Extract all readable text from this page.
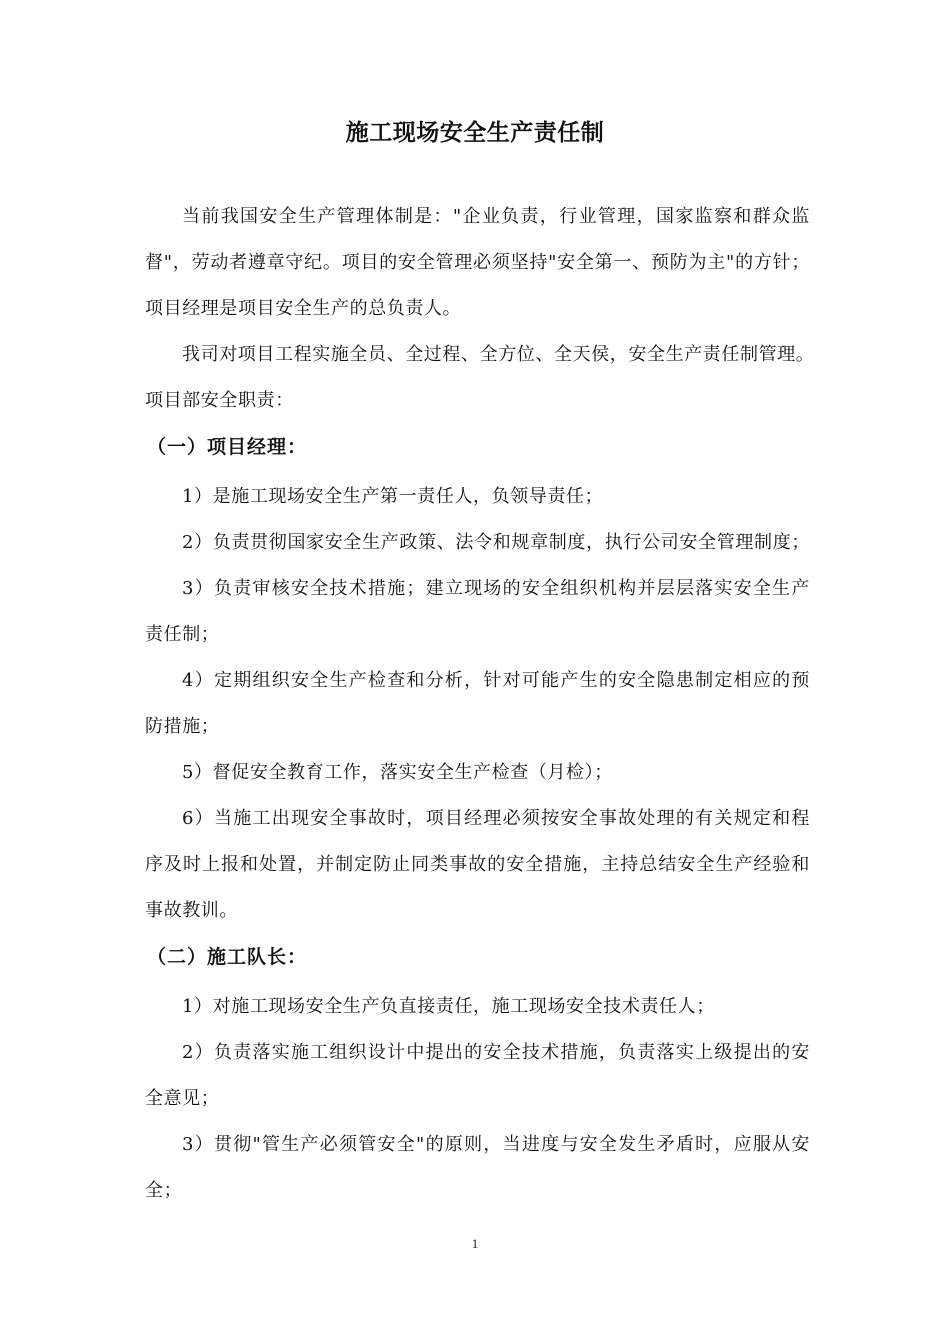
施工现场安全生产责任制
当前我国安全生产管理体制是："企业负责，行业管理，国家监察和群众监
督"，劳动者遵章守纪。项目的安全管理必须坚持"安全第一、预防为主"的方针；
项目经理是项目安全生产的总负责人。
我司对项目工程实施全员、全过程、全方位、全天侯，安全生产责任制管理。
项目部安全职责：
（一）项目经理：
1）是施工现场安全生产第一责任人，负领导责任；
2）负责贯彻国家安全生产政策、法令和规章制度，执行公司安全管理制度；
3）负责审核安全技术措施；建立现场的安全组织机构并层层落实安全生产
责任制；
4）定期组织安全生产检查和分析，针对可能产生的安全隐患制定相应的预
防措施；
5）督促安全教育工作，落实安全生产检查（月检）；
6）当施工出现安全事故时，项目经理必须按安全事故处理的有关规定和程
序及时上报和处置，并制定防止同类事故的安全措施，主持总结安全生产经验和
事故教训。
（二）施工队长：
1）对施工现场安全生产负直接责任，施工现场安全技术责任人；
2）负责落实施工组织设计中提出的安全技术措施，负责落实上级提出的安
全意见；
3）贯彻"管生产必须管安全"的原则，当进度与安全发生矛盾时，应服从安
全；
1
